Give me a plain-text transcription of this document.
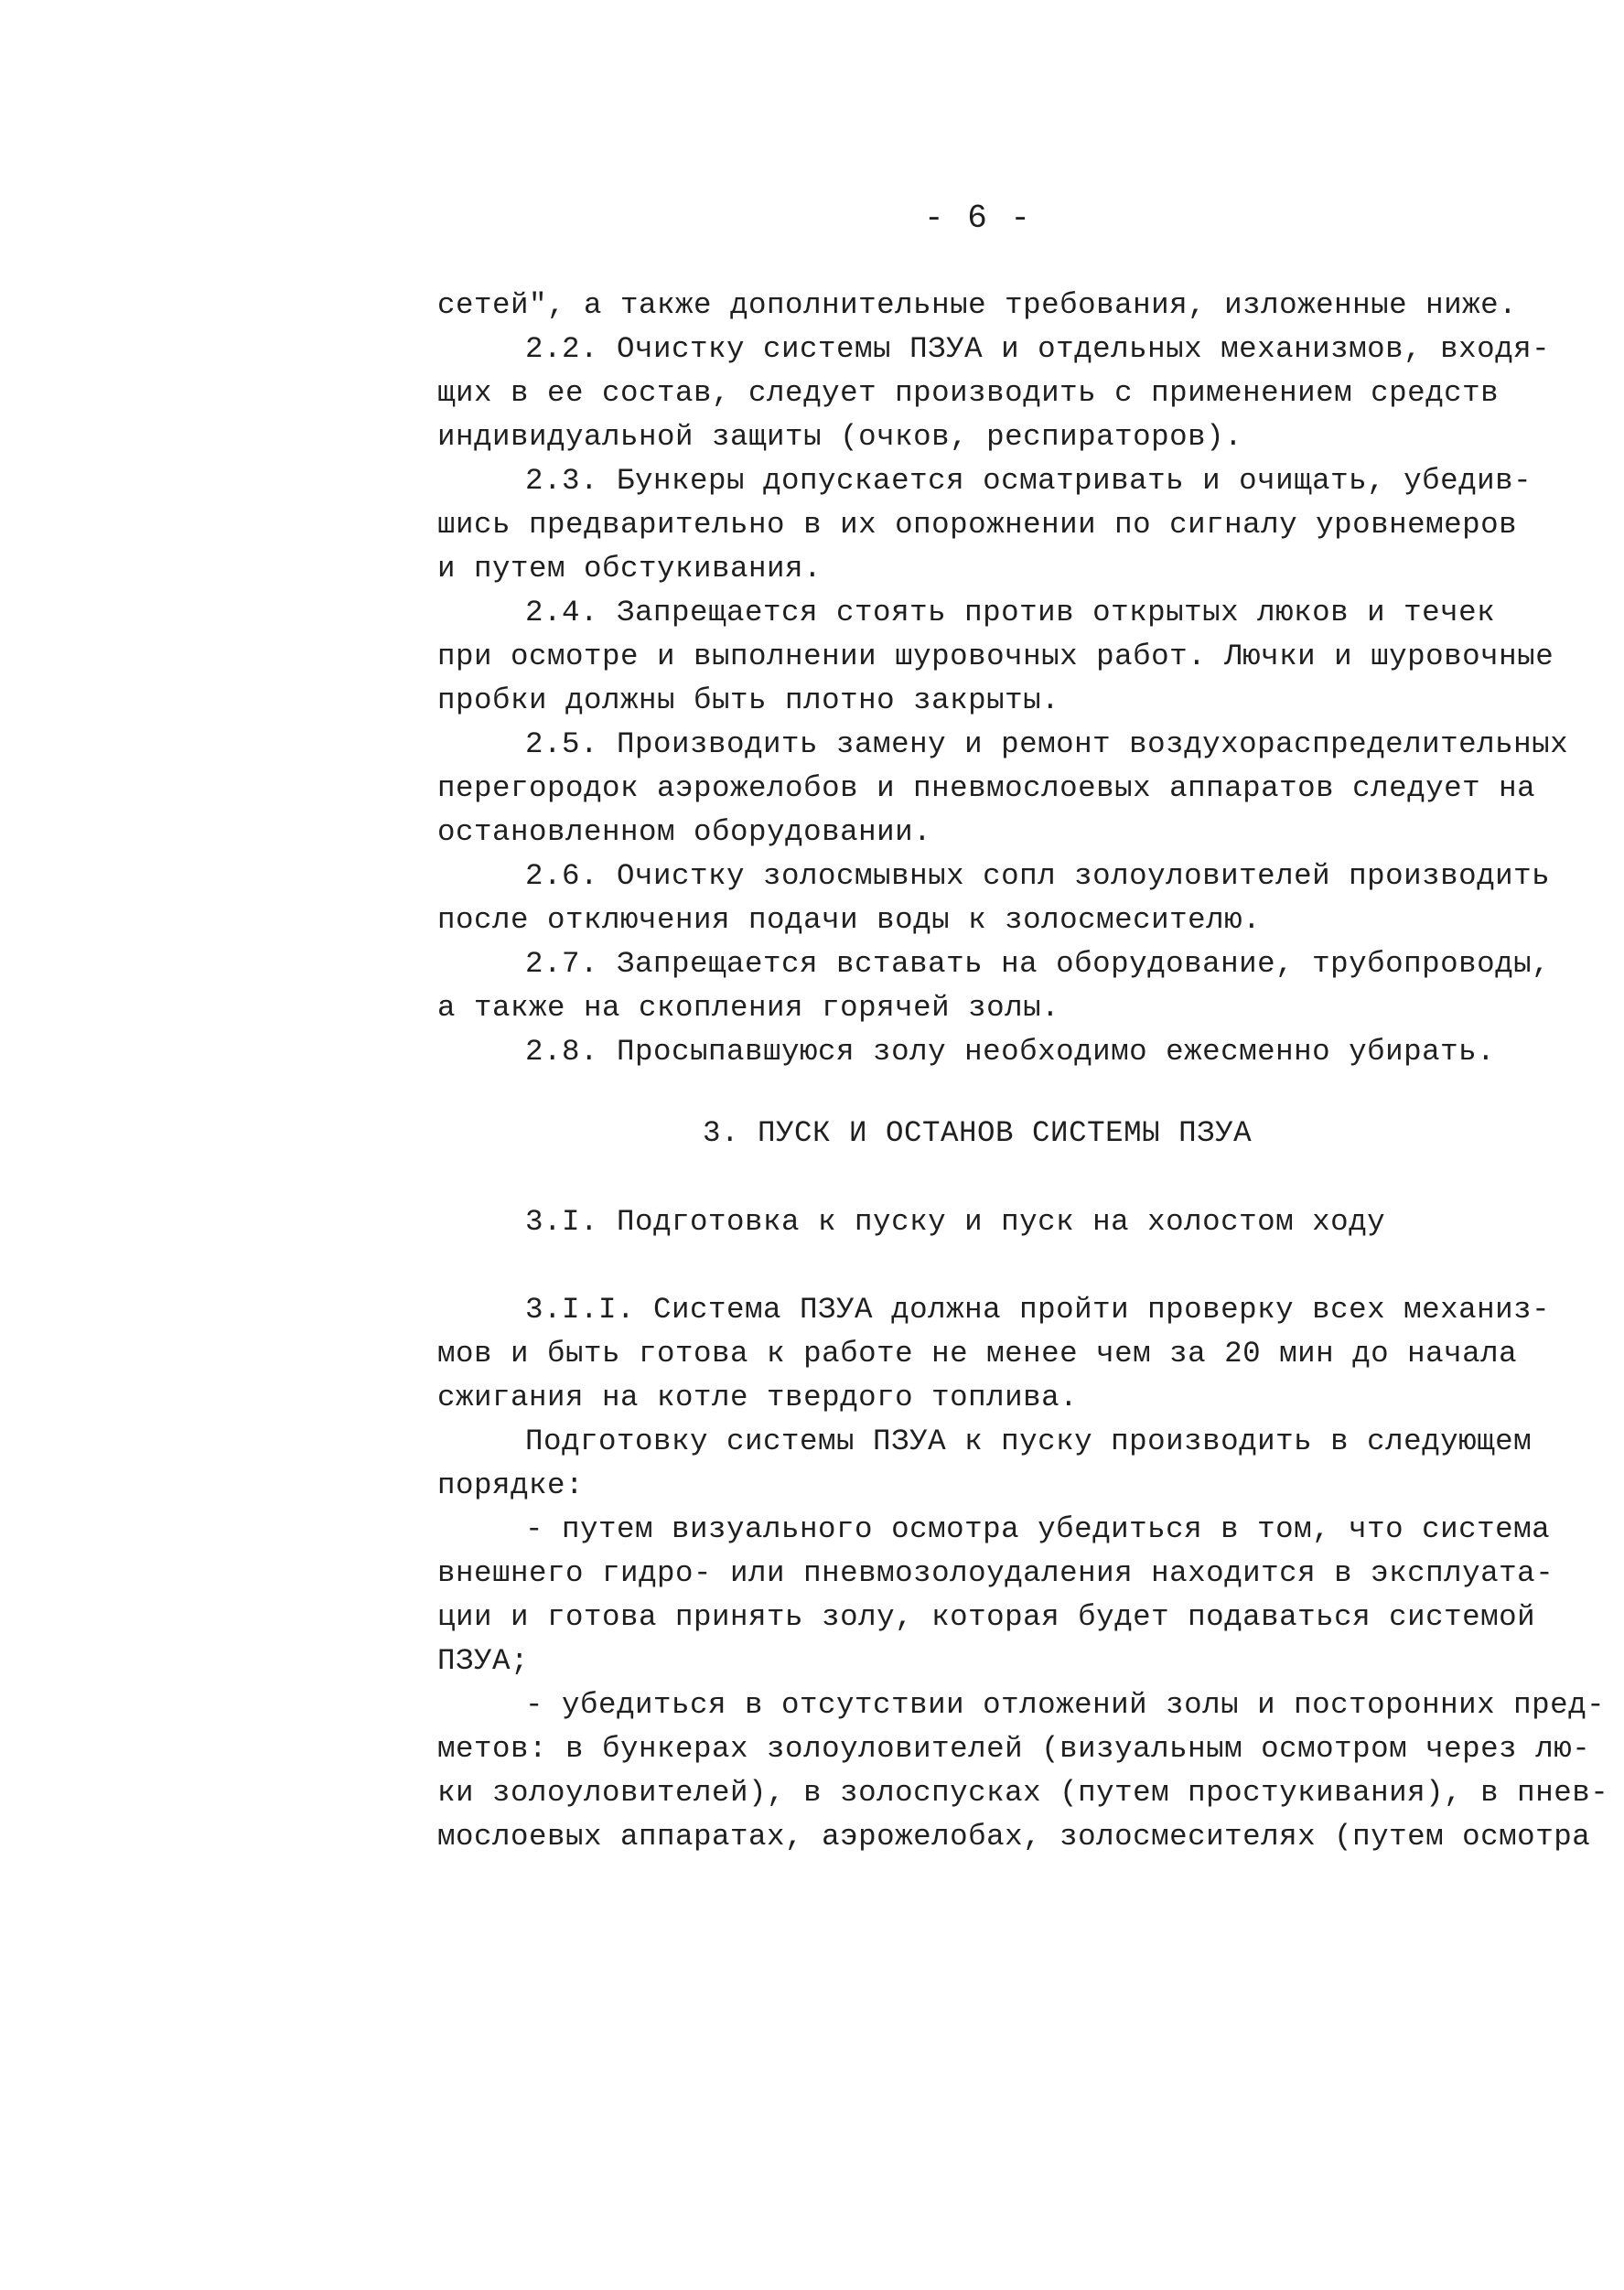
- 6 -
сетей", а также дополнительные требования, изложенные ниже.
2.2. Очистку системы ПЗУА и отдельных механизмов, входя-
щих в ее состав, следует производить с применением средств
индивидуальной защиты (очков, респираторов).
2.3. Бункеры допускается осматривать и очищать, убедив-
шись предварительно в их опорожнении по сигналу уровнемеров
и путем обстукивания.
2.4. Запрещается стоять против открытых люков и течек
при осмотре и выполнении шуровочных работ. Лючки и шуровочные
пробки должны быть плотно закрыты.
2.5. Производить замену и ремонт воздухораспределительных
перегородок аэрожелобов и пневмослоевых аппаратов следует на
остановленном оборудовании.
2.6. Очистку золосмывных сопл золоуловителей производить
после отключения подачи воды к золосмесителю.
2.7. Запрещается вставать на оборудование, трубопроводы,
а также на скопления горячей золы.
2.8. Просыпавшуюся золу необходимо ежесменно убирать.
3. ПУСК И ОСТАНОВ СИСТЕМЫ ПЗУА
3.I. Подготовка к пуску и пуск на холостом ходу
3.I.I. Система ПЗУА должна пройти проверку всех механиз-
мов и быть готова к работе не менее чем за 20 мин до начала
сжигания на котле твердого топлива.
Подготовку системы ПЗУА к пуску производить в следующем
порядке:
- путем визуального осмотра убедиться в том, что система
внешнего гидро- или пневмозолоудаления находится в эксплуата-
ции и готова принять золу, которая будет подаваться системой
ПЗУА;
- убедиться в отсутствии отложений золы и посторонних пред-
метов: в бункерах золоуловителей (визуальным осмотром через лю-
ки золоуловителей), в золоспусках (путем простукивания), в пнев-
мослоевых аппаратах, аэрожелобах, золосмесителях (путем осмотра
